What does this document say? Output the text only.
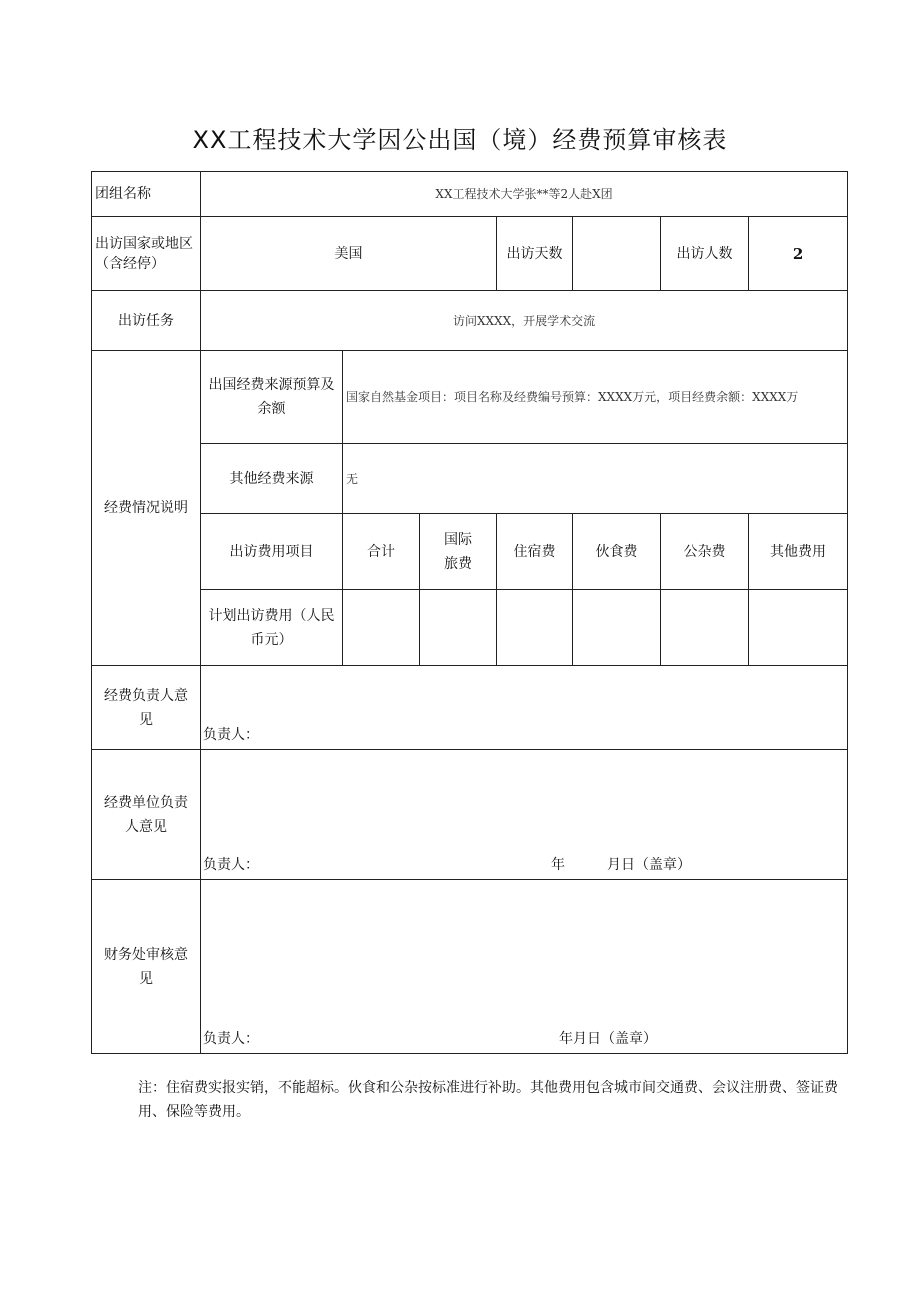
XX工程技术大学因公出国（境）经费预算审核表
团组名称	XX工程技术大学张**等2人赴X团						
出访国家或地区（含经停）	美国			出访天数		出访人数	2
出访任务	访问XXXX，开展学术交流						
经费情况说明	出国经费来源预算及余额	国家自然基金项目：项目名称及经费编号预算：XXXX万元，项目经费余额：XXXX万					
	其他经费来源	无					
	出访费用项目	合计	国际旅费	住宿费	伙食费	公杂费	其他费用
	计划出访费用（人民币元）						
经费负责人意见	负责人：						

经费单位负责人意见	负责人： 年　　　月日（盖章）						

财务处审核意见	负责人： 年月日（盖章）						
注：住宿费实报实销，不能超标。伙食和公杂按标准进行补助。其他费用包含城市间交通费、会议注册费、签证费用、保险等费用。
